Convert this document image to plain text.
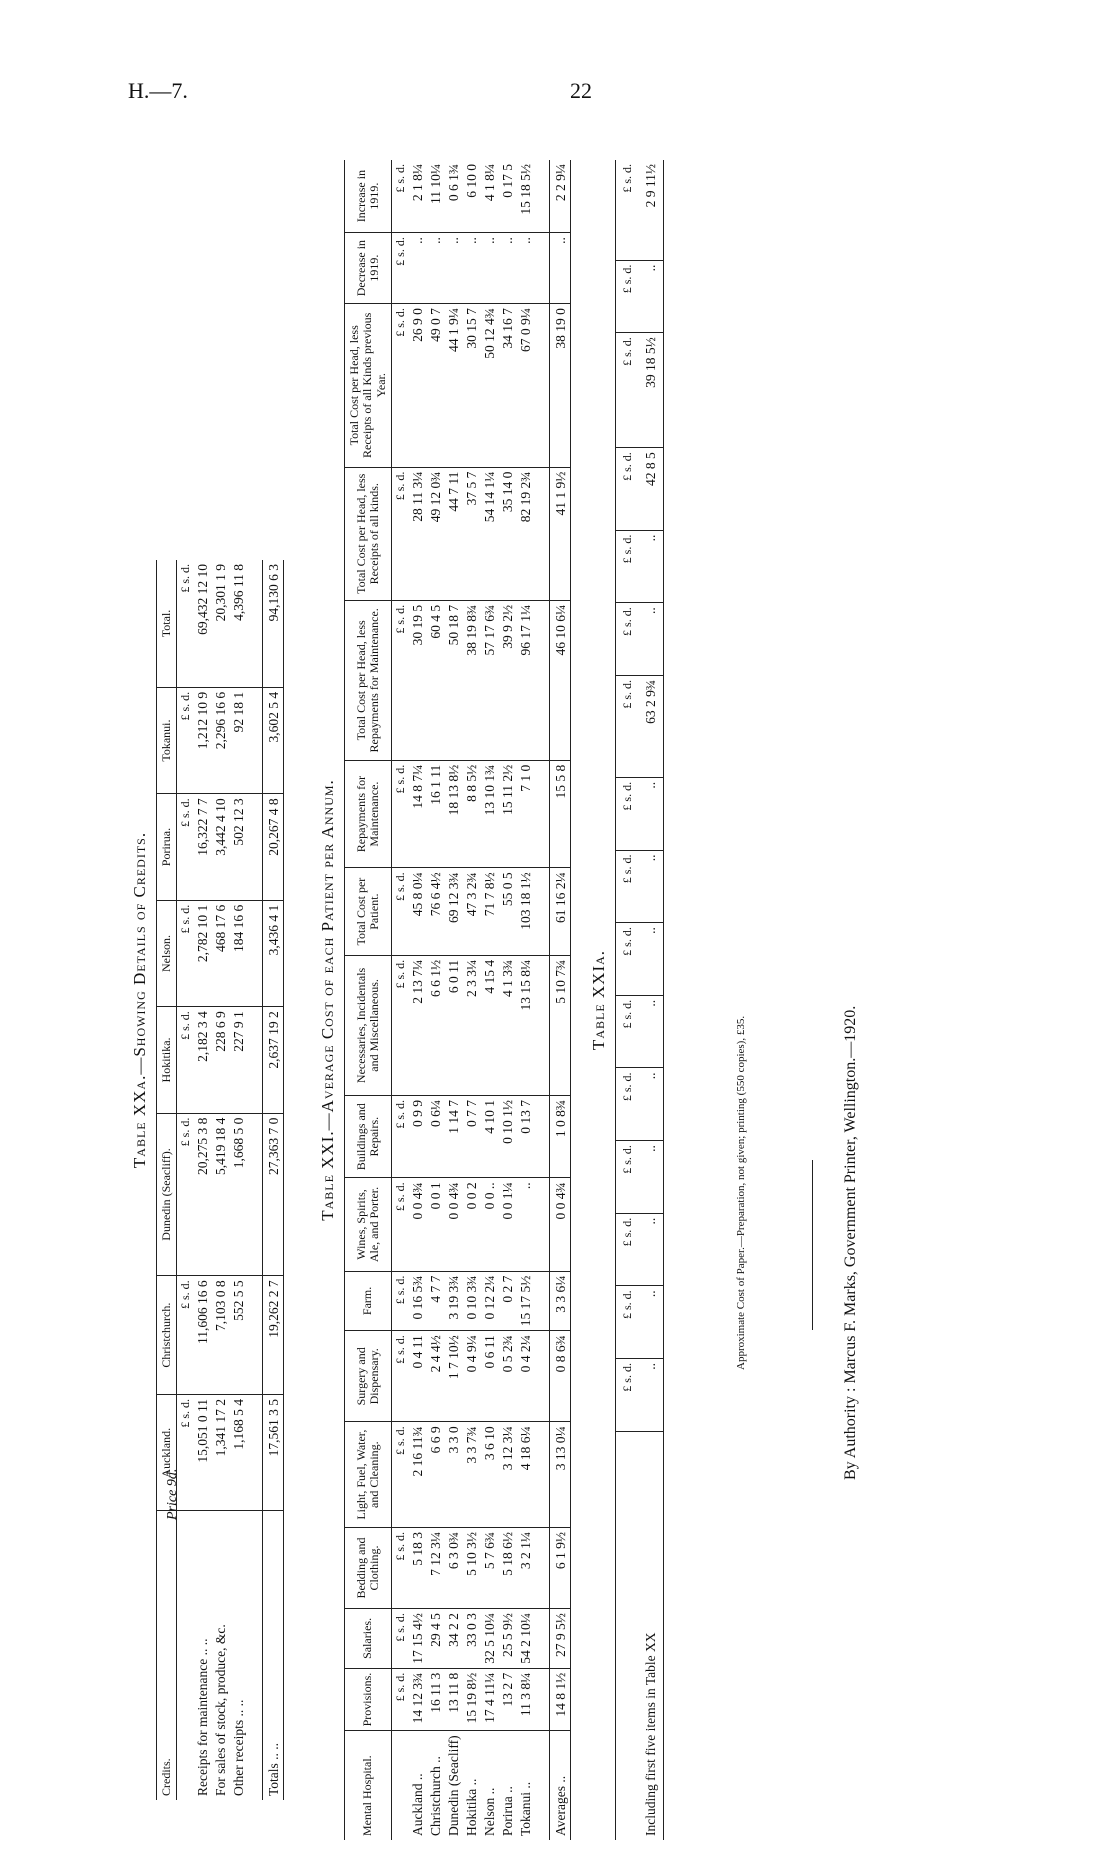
H.—7.	22
Table XXa.—Showing Details of Credits.
Credits.	Auckland.	Christchurch.	Dunedin (Seacliff).	Hokitika.	Nelson.	Porirua.	Tokanui.	Total.
	£ s. d.	£ s. d.	£ s. d.	£ s. d.	£ s. d.	£ s. d.	£ s. d.	£ s. d.
Receipts for maintenance .. ..	15,051 0 11	11,606 16 6	20,275 3 8	2,182 3 4	2,782 10 1	16,322 7 7	1,212 10 9	69,432 12 10
For sales of stock, produce, &c.	1,341 17 2	7,103 0 8	5,419 18 4	228 6 9	468 17 6	3,442 4 10	2,296 16 6	20,301 1 9
Other receipts .. ..	1,168 5 4	552 5 5	1,668 5 0	227 9 1	184 16 6	502 12 3	92 18 1	4,396 11 8

Totals .. ..	17,561 3 5	19,262 2 7	27,363 7 0	2,637 19 2	3,436 4 1	20,267 4 8	3,602 5 4	94,130 6 3
Table XXI.—Average Cost of each Patient per Annum.
Mental Hospital.	Provisions.	Salaries.	Bedding and Clothing.	Light, Fuel, Water, and Cleaning.	Surgery and Dispensary.	Farm.	Wines, Spirits, Ale, and Porter.	Buildings and Repairs.	Necessaries, Incidentals and Miscellaneous.	Total Cost per Patient.	Repayments for Maintenance.	Total Cost per Head, less Repayments for Maintenance.	Total Cost per Head, less Receipts of all kinds.	Total Cost per Head, less Receipts of all Kinds previous Year.	Decrease in 1919.	Increase in 1919.
	£ s. d.	£ s. d.	£ s. d.	£ s. d.	£ s. d.	£ s. d.	£ s. d.	£ s. d.	£ s. d.	£ s. d.	£ s. d.	£ s. d.	£ s. d.	£ s. d.	£ s. d.	£ s. d.
Auckland ..	14 12 3¾	17 15 4½	5 18 3	2 16 11¾	0 4 11	0 16 5¾	0 0 4¾	0 9 9	2 13 7¼	45 8 0¼	14 8 7¼	30 19 5	28 11 3¼	26 9 0	..	2 1 8¼
Christchurch ..	16 11 3	29 4 5	7 12 3¼	6 6 9	2 4 4½	4 7 7	0 0 1	0 6¼	6 6 1½	76 6 4½	16 1 11	60 4 5	49 12 0¾	49 0 7	..	11 10¼
Dunedin (Seacliff)	13 11 8	34 2 2	6 3 0¾	3 3 0	1 7 10½	3 19 3¾	0 0 4¾	1 14 7	6 0 11	69 12 3¾	18 13 8½	50 18 7	44 7 11	44 1 9¼	..	0 6 1¾
Hokitika ..	15 19 8½	33 0 3	5 10 3½	3 3 7¾	0 4 9¼	0 10 3¾	0 0 2	0 7 7	2 3 3¼	47 3 2¾	8 8 5½	38 19 8¾	37 5 7	30 15 7	..	6 10 0
Nelson ..	17 4 11¼	32 5 10¼	5 7 6¾	3 6 10	0 6 11	0 12 2¼	0 0 ..	4 10 1	4 15 4	71 7 8½	13 10 1¾	57 17 6¾	54 14 1¼	50 12 4¾	..	4 1 8¼
Porirua ..	13 2 7	25 5 9½	5 18 6½	3 12 3¼	0 5 2¾	0 2 7	0 0 1¼	0 10 1½	4 1 3¾	55 0 5	15 11 2½	39 9 2½	35 14 0	34 16 7	..	0 17 5
Tokanui ..	11 3 8¼	54 2 10¼	3 2 1¼	4 18 6¼	0 4 2¼	15 17 5½	..	0 13 7	13 15 8¼	103 18 1½	7 1 0	96 17 1¼	82 19 2¾	67 0 9¼	..	15 18 5½

Averages ..	14 8 1½	27 9 5½	6 1 9½	3 13 0¼	0 8 6¾	3 3 6¼	0 0 4¾	1 0 8¾	5 10 7¾	61 16 2¼	15 5 8	46 10 6¼	41 1 9½	38 19 0	..	2 2 9¼
Table XXIa.
	£ s. d.	£ s. d.	£ s. d.	£ s. d.	£ s. d.	£ s. d.	£ s. d.	£ s. d.	£ s. d.	£ s. d.	£ s. d.	£ s. d.	£ s. d.	£ s. d.	£ s. d.	£ s. d.
Including first five items in Table XX	..	..	..	..	..	..	..	..	..	63 2 9¾	..	..	42 8 5	39 18 5½	..	2 9 11½
Price 9d.
Approximate Cost of Paper.—Preparation, not given; printing (550 copies), £35.	By Authority : Marcus F. Marks, Government Printer, Wellington.—1920.
